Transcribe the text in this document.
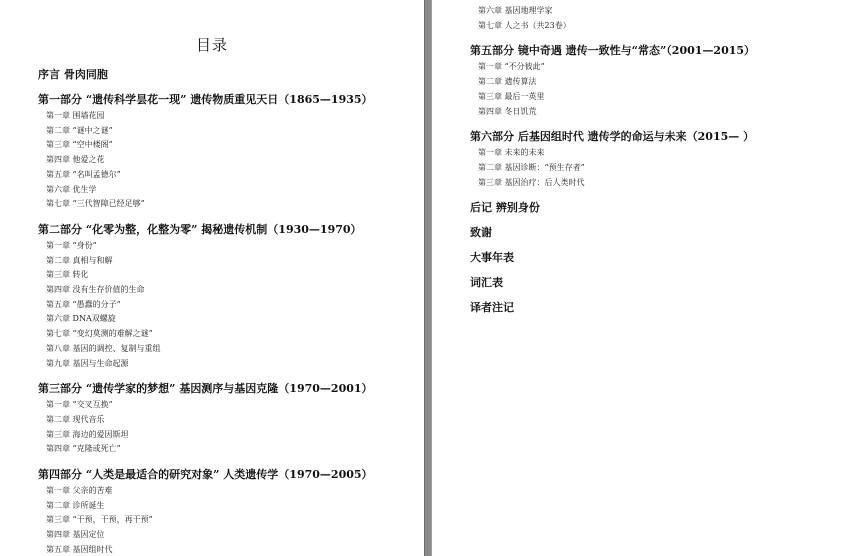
目录
序言 骨肉同胞
第一部分 “遗传科学昙花一现” 遗传物质重见天日（1865—1935）
第一章 围墙花园
第二章 “谜中之谜”
第三章 “空中楼阁”
第四章 他爱之花
第五章 “名叫孟德尔”
第六章 优生学
第七章 “三代智障已经足够”
第二部分 “化零为整，化整为零” 揭秘遗传机制（1930—1970）
第一章 “身份”
第二章 真相与和解
第三章 转化
第四章 没有生存价值的生命
第五章 “愚蠢的分子”
第六章 DNA双螺旋
第七章 “变幻莫测的难解之谜”
第八章 基因的调控、复制与重组
第九章 基因与生命起源
第三部分 “遗传学家的梦想” 基因测序与基因克隆（1970—2001）
第一章 “交叉互换”
第二章 现代音乐
第三章 海边的爱因斯坦
第四章 “克隆或死亡”
第四部分 “人类是最适合的研究对象” 人类遗传学（1970—2005）
第一章 父亲的苦难
第二章 诊所诞生
第三章 “干预，干预，再干预”
第四章 基因定位
第五章 基因组时代
第六章 基因地理学家
第七章 人之书（共23卷）
第五部分 镜中奇遇 遗传一致性与“常态”（2001—2015）
第一章 “不分彼此”
第二章 遗传算法
第三章 最后一英里
第四章 冬日饥荒
第六部分 后基因组时代 遗传学的命运与未来（2015— ）
第一章 未来的未来
第二章 基因诊断：“预生存者”
第三章 基因治疗：后人类时代
后记 辨别身份
致谢
大事年表
词汇表
译者注记
